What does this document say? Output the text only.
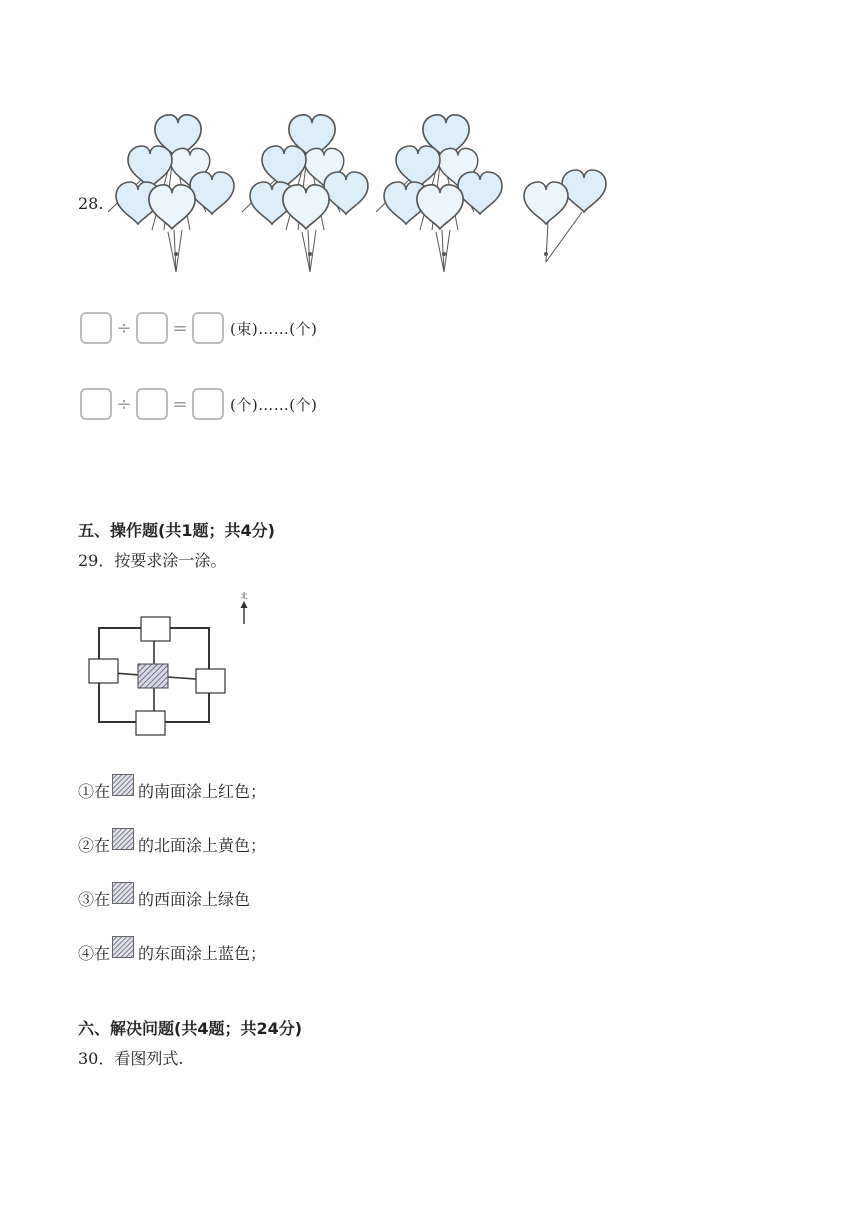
28.
÷ =	(束)……(个)
÷ =	(个)……(个)
五、操作题(共1题；共4分)
29．按要求涂一涂。
北
①在 的南面涂上红色；
②在 的北面涂上黄色；
③在 的西面涂上绿色
④在 的东面涂上蓝色；
六、解决问题(共4题；共24分)
30．看图列式.
